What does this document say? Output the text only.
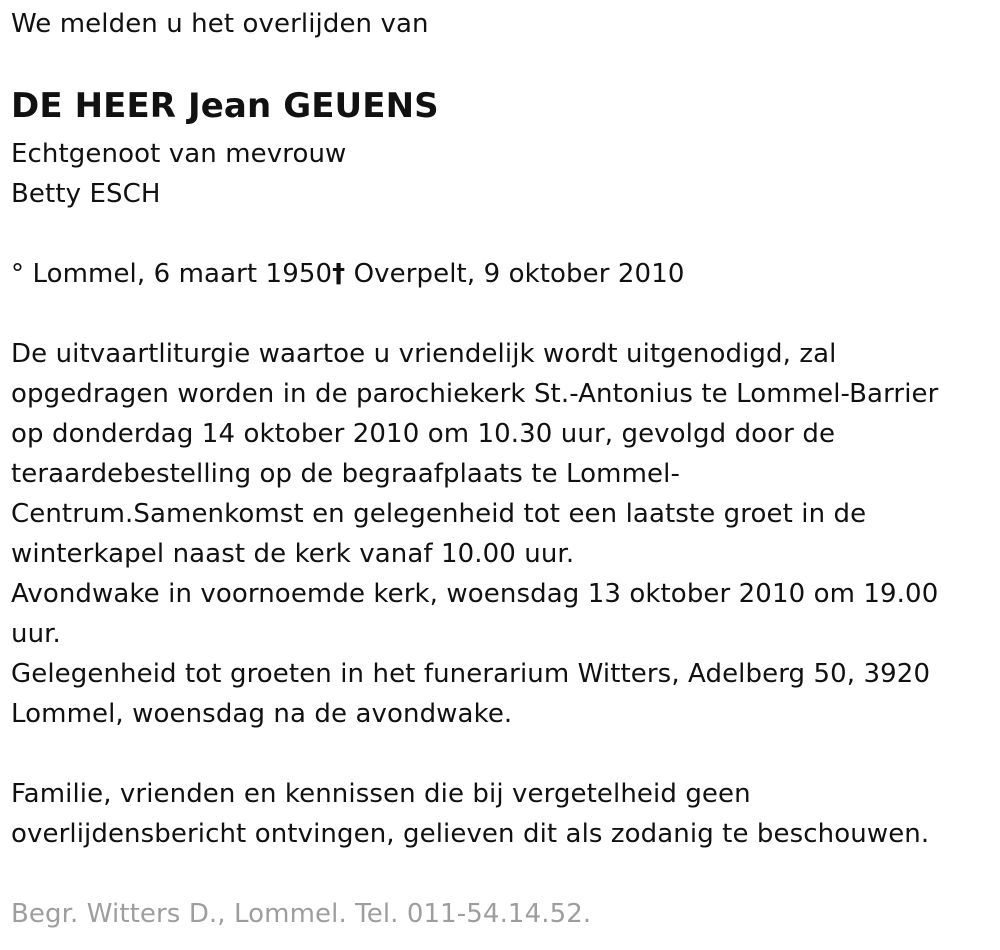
We melden u het overlijden van
DE HEER Jean GEUENS
Echtgenoot van mevrouw
Betty ESCH
° Lommel, 6 maart 1950† Overpelt, 9 oktober 2010
De uitvaartliturgie waartoe u vriendelijk wordt uitgenodigd, zal
opgedragen worden in de parochiekerk St.-Antonius te Lommel-Barrier
op donderdag 14 oktober 2010 om 10.30 uur, gevolgd door de
teraardebestelling op de begraafplaats te Lommel-
Centrum.Samenkomst en gelegenheid tot een laatste groet in de
winterkapel naast de kerk vanaf 10.00 uur.
Avondwake in voornoemde kerk, woensdag 13 oktober 2010 om 19.00
uur.
Gelegenheid tot groeten in het funerarium Witters, Adelberg 50, 3920
Lommel, woensdag na de avondwake.
Familie, vrienden en kennissen die bij vergetelheid geen
overlijdensbericht ontvingen, gelieven dit als zodanig te beschouwen.
Begr. Witters D., Lommel. Tel. 011-54.14.52.
